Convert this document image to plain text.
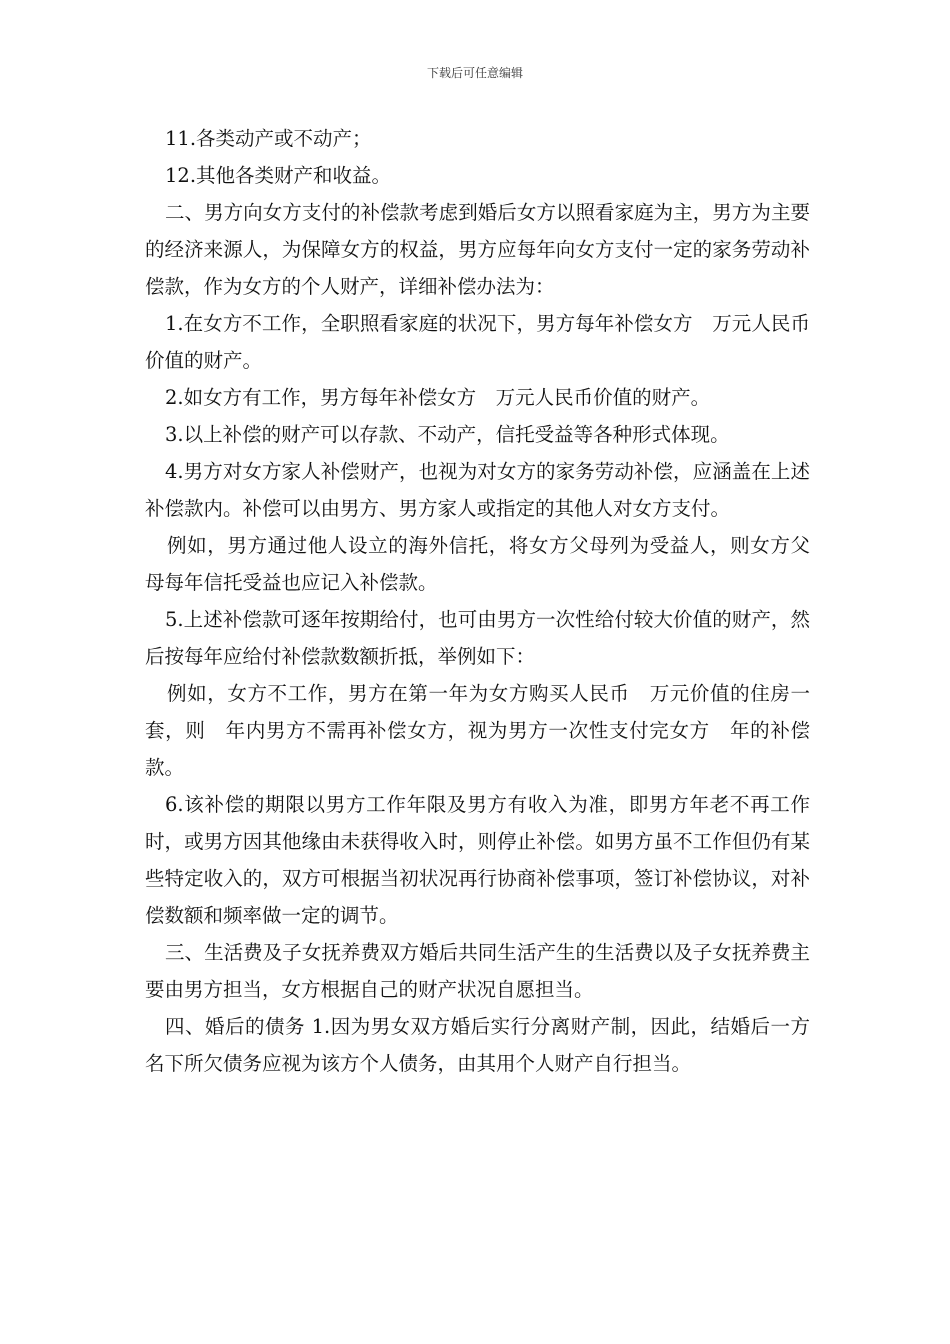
下载后可任意编辑

11.各类动产或不动产；

12.其他各类财产和收益。

二、男方向女方支付的补偿款考虑到婚后女方以照看家庭为主，男方为主要的经济来源人，为保障女方的权益，男方应每年向女方支付一定的家务劳动补偿款，作为女方的个人财产，详细补偿办法为：

1.在女方不工作，全职照看家庭的状况下，男方每年补偿女方　万元人民币价值的财产。

2.如女方有工作，男方每年补偿女方　万元人民币价值的财产。

3.以上补偿的财产可以存款、不动产，信托受益等各种形式体现。

4.男方对女方家人补偿财产，也视为对女方的家务劳动补偿，应涵盖在上述补偿款内。补偿可以由男方、男方家人或指定的其他人对女方支付。

例如，男方通过他人设立的海外信托，将女方父母列为受益人，则女方父母每年信托受益也应记入补偿款。

5.上述补偿款可逐年按期给付，也可由男方一次性给付较大价值的财产，然后按每年应给付补偿款数额折抵，举例如下：

例如，女方不工作，男方在第一年为女方购买人民币　万元价值的住房一套，则　年内男方不需再补偿女方，视为男方一次性支付完女方　年的补偿款。

6.该补偿的期限以男方工作年限及男方有收入为准，即男方年老不再工作时，或男方因其他缘由未获得收入时，则停止补偿。如男方虽不工作但仍有某些特定收入的，双方可根据当初状况再行协商补偿事项，签订补偿协议，对补偿数额和频率做一定的调节。

三、生活费及子女抚养费双方婚后共同生活产生的生活费以及子女抚养费主要由男方担当，女方根据自己的财产状况自愿担当。

四、婚后的债务 1.因为男女双方婚后实行分离财产制，因此，结婚后一方名下所欠债务应视为该方个人债务，由其用个人财产自行担当。
